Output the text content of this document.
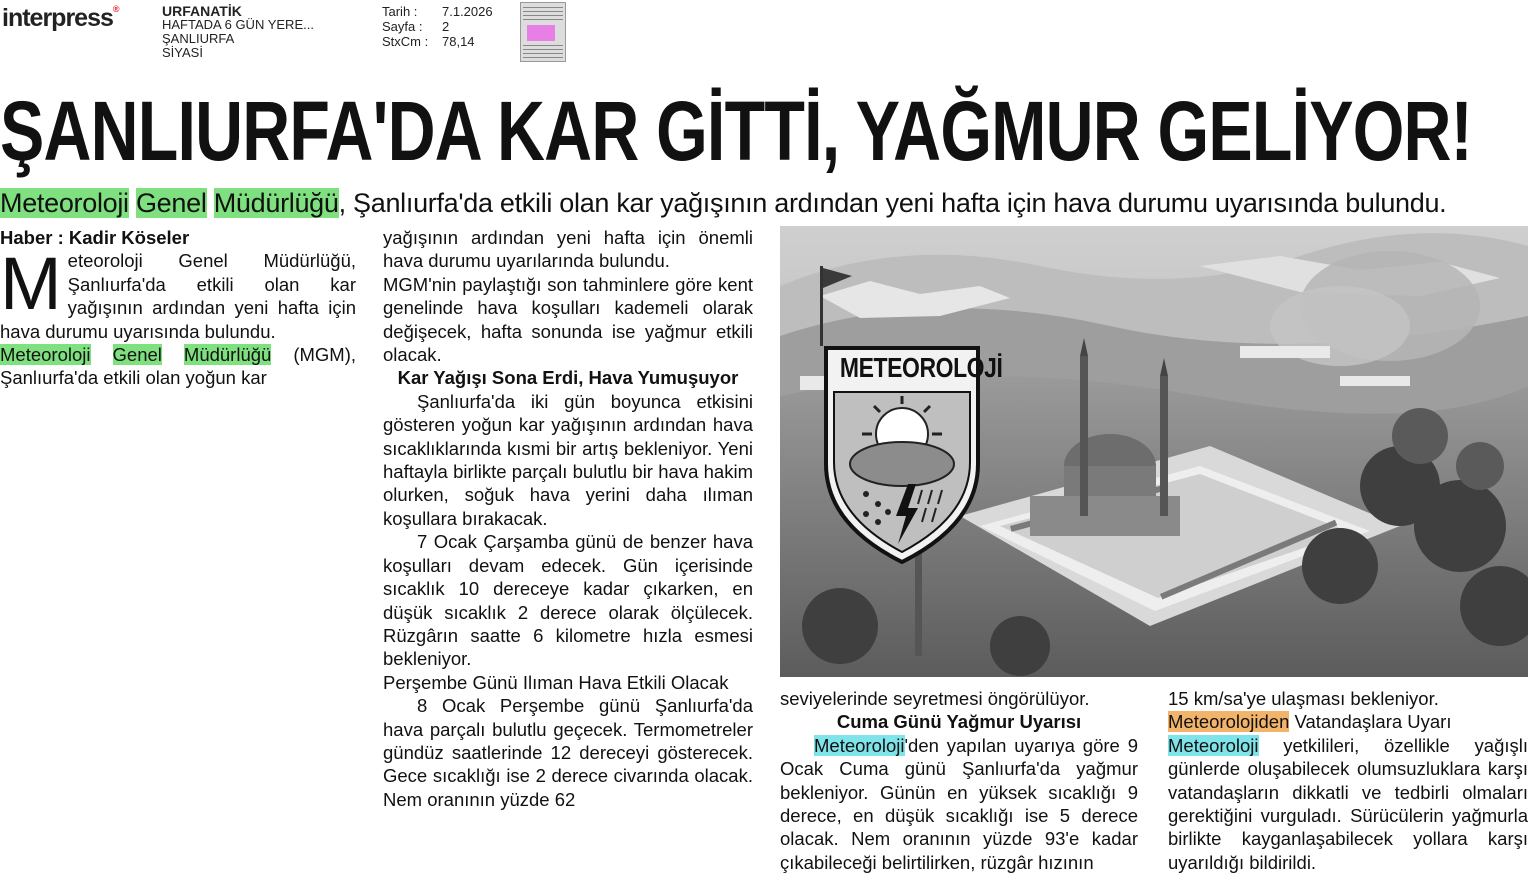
interpress®	URFANATİK
HAFTADA 6 GÜN YERE...
ŞANLIURFA
SİYASİ
Tarih :	7.1.2026
Sayfa :	2
StxCm :	78,14
ŞANLIURFA'DA KAR GİTTİ, YAĞMUR GELİYOR!
Meteoroloji Genel Müdürlüğü, Şanlıurfa'da etkili olan kar yağışının ardından yeni hafta için hava durumu uyarısında bulundu.

Haber : Kadir Köseler

Meteoroloji Genel Müdürlüğü, Şanlıurfa'da etkili olan kar yağışının ardından yeni hafta için hava durumu uyarısında bulundu.

Meteoroloji Genel Müdürlüğü (MGM), Şanlıurfa'da etkili olan yoğun kar

yağışının ardından yeni hafta için önemli hava durumu uyarılarında bulundu.

MGM'nin paylaştığı son tahminlere göre kent genelinde hava koşulları kademeli olarak değişecek, hafta sonunda ise yağmur etkili olacak.

Kar Yağışı Sona Erdi, Hava Yumuşuyor

Şanlıurfa'da iki gün boyunca etkisini gösteren yoğun kar yağışının ardından hava sıcaklıklarında kısmi bir artış bekleniyor. Yeni haftayla birlikte parçalı bulutlu bir hava hakim olurken, soğuk hava yerini daha ılıman koşullara bırakacak.

7 Ocak Çarşamba günü de benzer hava koşulları devam edecek. Gün içerisinde sıcaklık 10 dereceye kadar çıkarken, en düşük sıcaklık 2 derece olarak ölçülecek. Rüzgârın saatte 6 kilometre hızla esmesi bekleniyor.

Perşembe Günü Ilıman Hava Etkili Olacak

8 Ocak Perşembe günü Şanlıurfa'da hava parçalı bulutlu geçecek. Termometreler gündüz saatlerinde 12 dereceyi gösterecek. Gece sıcaklığı ise 2 derece civarında olacak. Nem oranının yüzde 62

METEOROLOJİ

seviyelerinde seyretmesi öngörülüyor.

Cuma Günü Yağmur Uyarısı

Meteoroloji'den yapılan uyarıya göre 9 Ocak Cuma günü Şanlıurfa'da yağmur bekleniyor. Günün en yüksek sıcaklığı 9 derece, en düşük sıcaklığı ise 5 derece olacak. Nem oranının yüzde 93'e kadar çıkabileceği belirtilirken, rüzgâr hızının

15 km/sa'ye ulaşması bekleniyor.

Meteorolojiden Vatandaşlara Uyarı

Meteoroloji yetkilileri, özellikle yağışlı günlerde oluşabilecek olumsuzluklara karşı vatandaşların dikkatli ve tedbirli olmaları gerektiğini vurguladı. Sürücülerin yağmurla birlikte kayganlaşabilecek yollara karşı uyarıldığı bildirildi.
